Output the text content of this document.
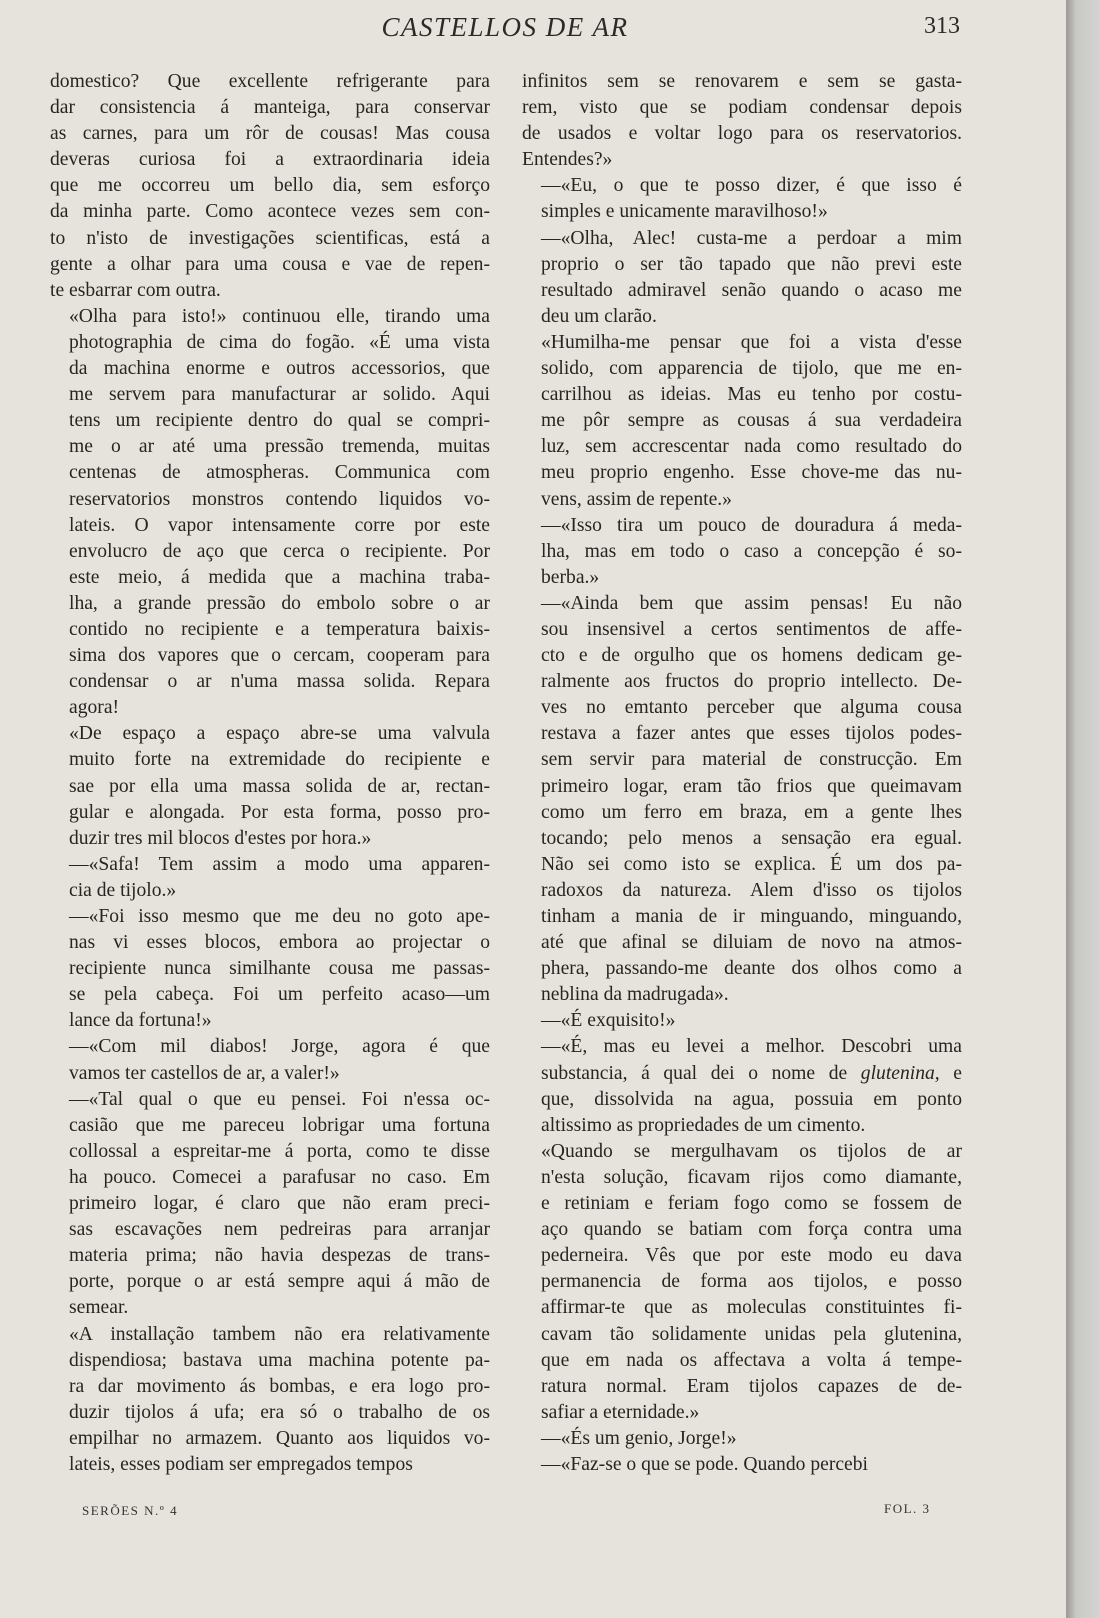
CASTELLOS DE AR	313

domestico? Que excellente refrigerante para
dar consistencia á manteiga, para conservar
as carnes, para um rôr de cousas! Mas cousa
deveras curiosa foi a extraordinaria ideia
que me occorreu um bello dia, sem esforço
da minha parte. Como acontece vezes sem con-
to n'isto de investigações scientificas, está a
gente a olhar para uma cousa e vae de repen-
te esbarrar com outra.

«Olha para isto!» continuou elle, tirando uma
photographia de cima do fogão. «É uma vista
da machina enorme e outros accessorios, que
me servem para manufacturar ar solido. Aqui
tens um recipiente dentro do qual se compri-
me o ar até uma pressão tremenda, muitas
centenas de atmospheras. Communica com
reservatorios monstros contendo liquidos vo-
lateis. O vapor intensamente corre por este
envolucro de aço que cerca o recipiente. Por
este meio, á medida que a machina traba-
lha, a grande pressão do embolo sobre o ar
contido no recipiente e a temperatura baixis-
sima dos vapores que o cercam, cooperam para
condensar o ar n'uma massa solida. Repara
agora!

«De espaço a espaço abre-se uma valvula
muito forte na extremidade do recipiente e
sae por ella uma massa solida de ar, rectan-
gular e alongada. Por esta forma, posso pro-
duzir tres mil blocos d'estes por hora.»

—«Safa! Tem assim a modo uma apparen-
cia de tijolo.»

—«Foi isso mesmo que me deu no goto ape-
nas vi esses blocos, embora ao projectar o
recipiente nunca similhante cousa me passas-
se pela cabeça. Foi um perfeito acaso—um
lance da fortuna!»

—«Com mil diabos! Jorge, agora é que
vamos ter castellos de ar, a valer!»

—«Tal qual o que eu pensei. Foi n'essa oc-
casião que me pareceu lobrigar uma fortuna
collossal a espreitar-me á porta, como te disse
ha pouco. Comecei a parafusar no caso. Em
primeiro logar, é claro que não eram preci-
sas escavações nem pedreiras para arranjar
materia prima; não havia despezas de trans-
porte, porque o ar está sempre aqui á mão de
semear.

«A installação tambem não era relativamente
dispendiosa; bastava uma machina potente pa-
ra dar movimento ás bombas, e era logo pro-
duzir tijolos á ufa; era só o trabalho de os
empilhar no armazem. Quanto aos liquidos vo-
lateis, esses podiam ser empregados tempos

infinitos sem se renovarem e sem se gasta-
rem, visto que se podiam condensar depois
de usados e voltar logo para os reservatorios.
Entendes?»

—«Eu, o que te posso dizer, é que isso é
simples e unicamente maravilhoso!»

—«Olha, Alec! custa-me a perdoar a mim
proprio o ser tão tapado que não previ este
resultado admiravel senão quando o acaso me
deu um clarão.

«Humilha-me pensar que foi a vista d'esse
solido, com apparencia de tijolo, que me en-
carrilhou as ideias. Mas eu tenho por costu-
me pôr sempre as cousas á sua verdadeira
luz, sem accrescentar nada como resultado do
meu proprio engenho. Esse chove-me das nu-
vens, assim de repente.»

—«Isso tira um pouco de douradura á meda-
lha, mas em todo o caso a concepção é so-
berba.»

—«Ainda bem que assim pensas! Eu não
sou insensivel a certos sentimentos de affe-
cto e de orgulho que os homens dedicam ge-
ralmente aos fructos do proprio intellecto. De-
ves no emtanto perceber que alguma cousa
restava a fazer antes que esses tijolos podes-
sem servir para material de construcção. Em
primeiro logar, eram tão frios que queimavam
como um ferro em braza, em a gente lhes
tocando; pelo menos a sensação era egual.
Não sei como isto se explica. É um dos pa-
radoxos da natureza. Alem d'isso os tijolos
tinham a mania de ir minguando, minguando,
até que afinal se diluiam de novo na atmos-
phera, passando-me deante dos olhos como a
neblina da madrugada».

—«É exquisito!»

—«É, mas eu levei a melhor. Descobri uma
substancia, á qual dei o nome de glutenina, e
que, dissolvida na agua, possuia em ponto
altissimo as propriedades de um cimento.

«Quando se mergulhavam os tijolos de ar
n'esta solução, ficavam rijos como diamante,
e retiniam e feriam fogo como se fossem de
aço quando se batiam com força contra uma
pederneira. Vês que por este modo eu dava
permanencia de forma aos tijolos, e posso
affirmar-te que as moleculas constituintes fi-
cavam tão solidamente unidas pela glutenina,
que em nada os affectava a volta á tempe-
ratura normal. Eram tijolos capazes de de-
safiar a eternidade.»

—«És um genio, Jorge!»

—«Faz-se o que se pode. Quando percebi

SERÕES N.º 4	FOL. 3
